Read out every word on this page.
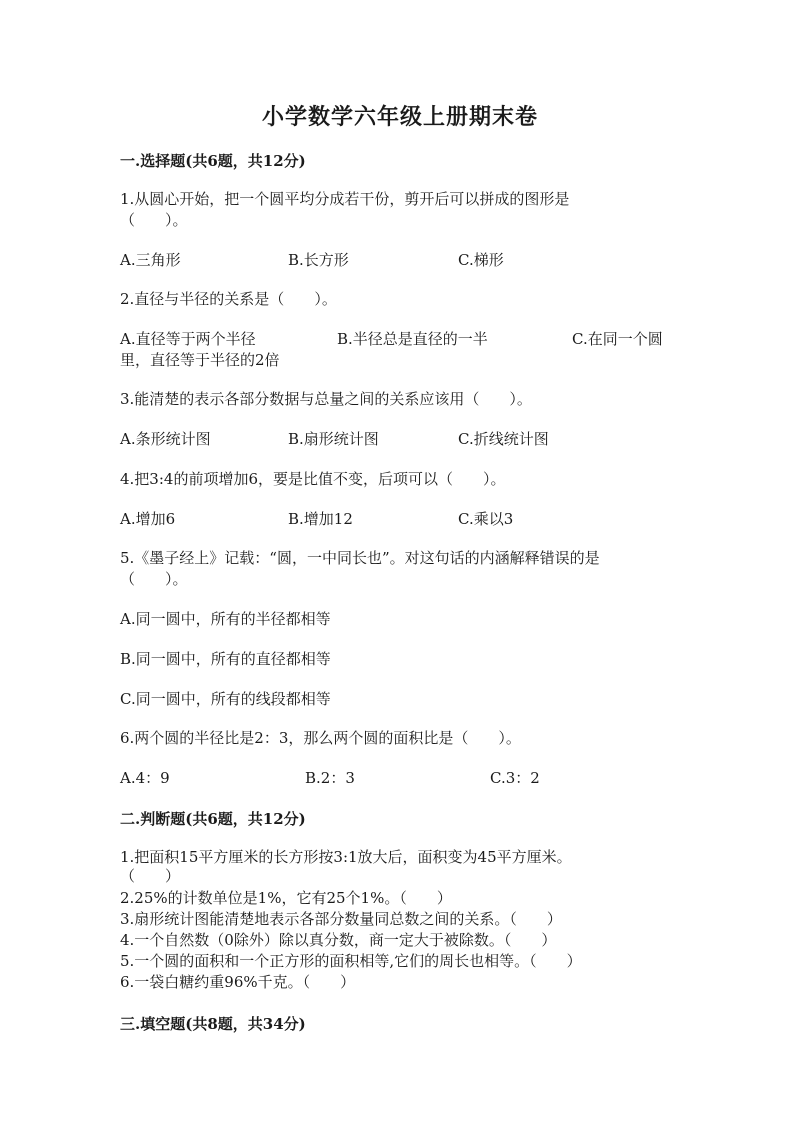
小学数学六年级上册期末卷
一.选择题(共6题，共12分)
1.从圆心开始，把一个圆平均分成若干份，剪开后可以拼成的图形是
（　　）。
A.三角形	B.长方形	C.梯形
2.直径与半径的关系是（　　）。
A.直径等于两个半径	B.半径总是直径的一半	C.在同一个圆
里，直径等于半径的2倍
3.能清楚的表示各部分数据与总量之间的关系应该用（　　）。
A.条形统计图	B.扇形统计图	C.折线统计图
4.把3:4的前项增加6，要是比值不变，后项可以（　　）。
A.增加6	B.增加12	C.乘以3
5.《墨子经上》记载：“圆，一中同长也”。对这句话的内涵解释错误的是
（　　）。
A.同一圆中，所有的半径都相等
B.同一圆中，所有的直径都相等
C.同一圆中，所有的线段都相等
6.两个圆的半径比是2：3，那么两个圆的面积比是（　　）。
A.4：9	B.2：3	C.3：2
二.判断题(共6题，共12分)
1.把面积15平方厘米的长方形按3:1放大后，面积变为45平方厘米。
（　　）
2.25%的计数单位是1%，它有25个1%。（　　）
3.扇形统计图能清楚地表示各部分数量同总数之间的关系。（　　）
4.一个自然数（0除外）除以真分数，商一定大于被除数。（　　）
5.一个圆的面积和一个正方形的面积相等,它们的周长也相等。（　　）
6.一袋白糖约重96%千克。（　　）
三.填空题(共8题，共34分)
